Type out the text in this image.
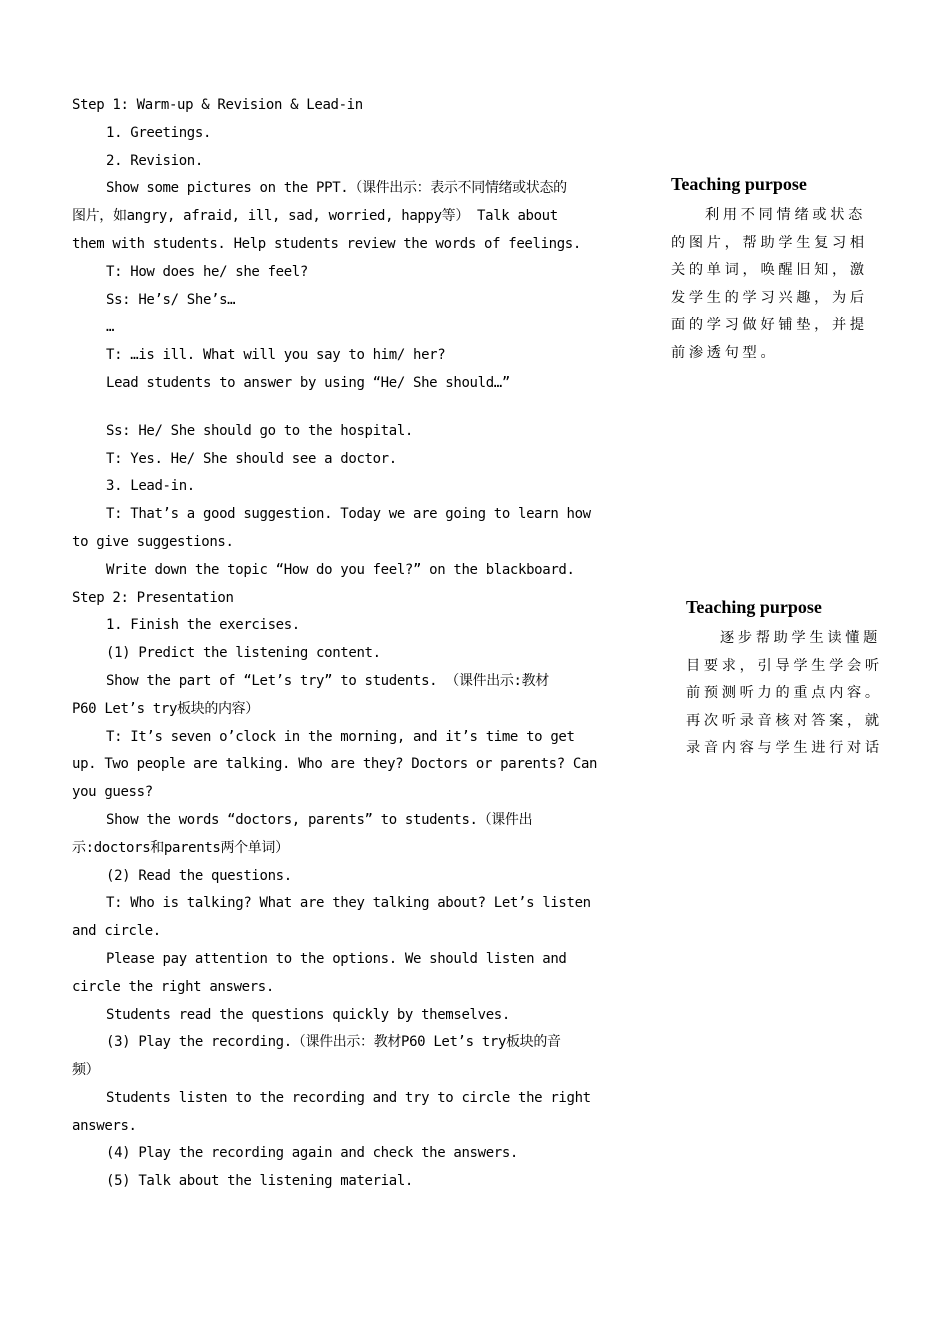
Step 1: Warm-up & Revision & Lead-in
1. Greetings.
2. Revision.
Show some pictures on the PPT.（课件出示：表示不同情绪或状态的
图片，如angry, afraid, ill, sad, worried, happy等） Talk about
them with students. Help students review the words of feelings.
T: How does he/ she feel?
Ss: He’s/ She’s…
…
T: …is ill. What will you say to him/ her?
Lead students to answer by using “He/ She should…”
Ss: He/ She should go to the hospital.
T: Yes. He/ She should see a doctor.
3. Lead-in.
T: That’s a good suggestion. Today we are going to learn how
to give suggestions.
Write down the topic “How do you feel?” on the blackboard.
Step 2: Presentation
1. Finish the exercises.
(1) Predict the listening content.
Show the part of “Let’s try” to students. （课件出示:教材
P60 Let’s try板块的内容）
T: It’s seven o’clock in the morning, and it’s time to get
up. Two people are talking. Who are they? Doctors or parents? Can
you guess?
Show the words “doctors, parents” to students.（课件出
示:doctors和parents两个单词）
(2) Read the questions.
T: Who is talking? What are they talking about? Let’s listen
and circle.
Please pay attention to the options. We should listen and
circle the right answers.
Students read the questions quickly by themselves.
(3) Play the recording.（课件出示：教材P60 Let’s try板块的音
频）
Students listen to the recording and try to circle the right
answers.
(4) Play the recording again and check the answers.
(5) Talk about the listening material.
Teaching purpose
利用不同情绪或状态
的图片，帮助学生复习相
关的单词，唤醒旧知，激
发学生的学习兴趣，为后
面的学习做好铺垫，并提
前渗透句型。
Teaching purpose
逐步帮助学生读懂题
目要求，引导学生学会听
前预测听力的重点内容。
再次听录音核对答案，就
录音内容与学生进行对话
